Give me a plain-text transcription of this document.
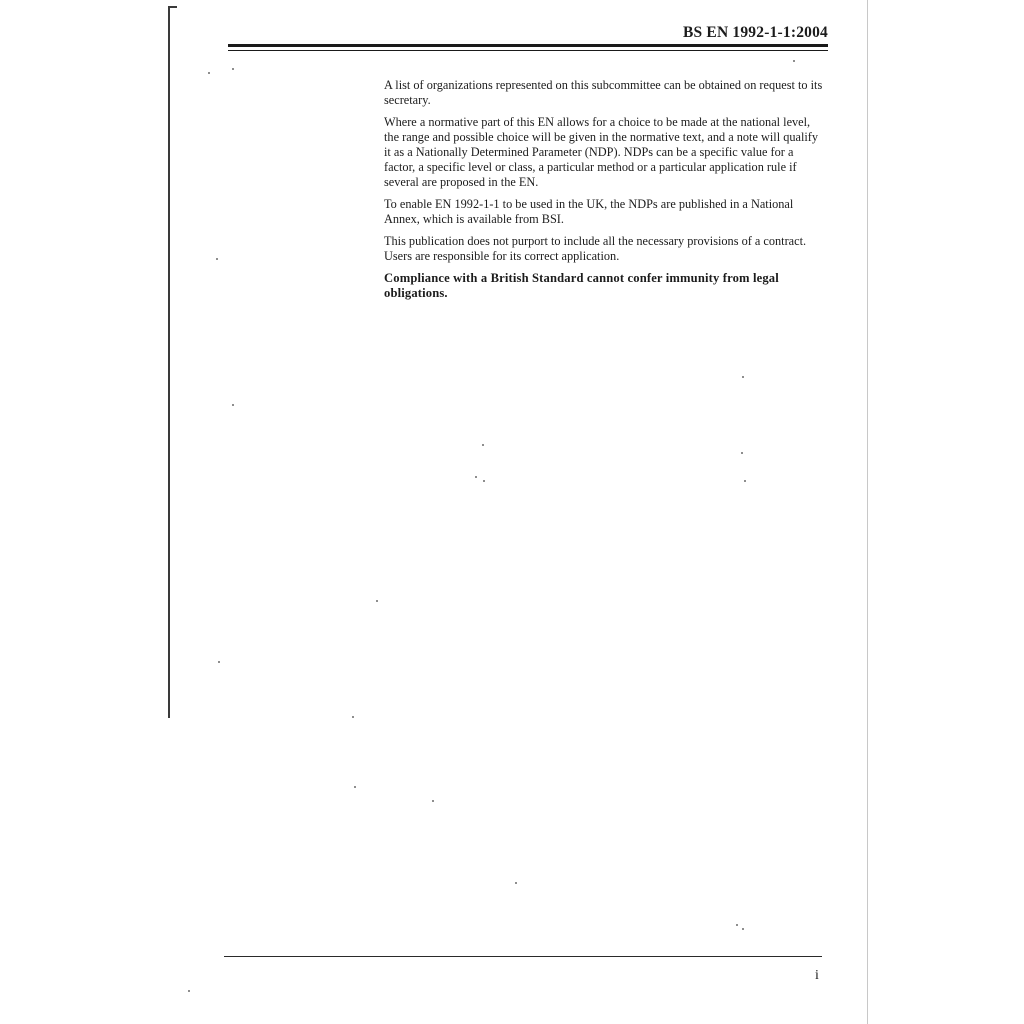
BS EN 1992-1-1:2004

A list of organizations represented on this subcommittee can be obtained on request to its secretary.

Where a normative part of this EN allows for a choice to be made at the national level, the range and possible choice will be given in the normative text, and a note will qualify it as a Nationally Determined Parameter (NDP). NDPs can be a specific value for a factor, a specific level or class, a particular method or a particular application rule if several are proposed in the EN.

To enable EN 1992-1-1 to be used in the UK, the NDPs are published in a National Annex, which is available from BSI.

This publication does not purport to include all the necessary provisions of a contract. Users are responsible for its correct application.

Compliance with a British Standard cannot confer immunity from legal obligations.

i
